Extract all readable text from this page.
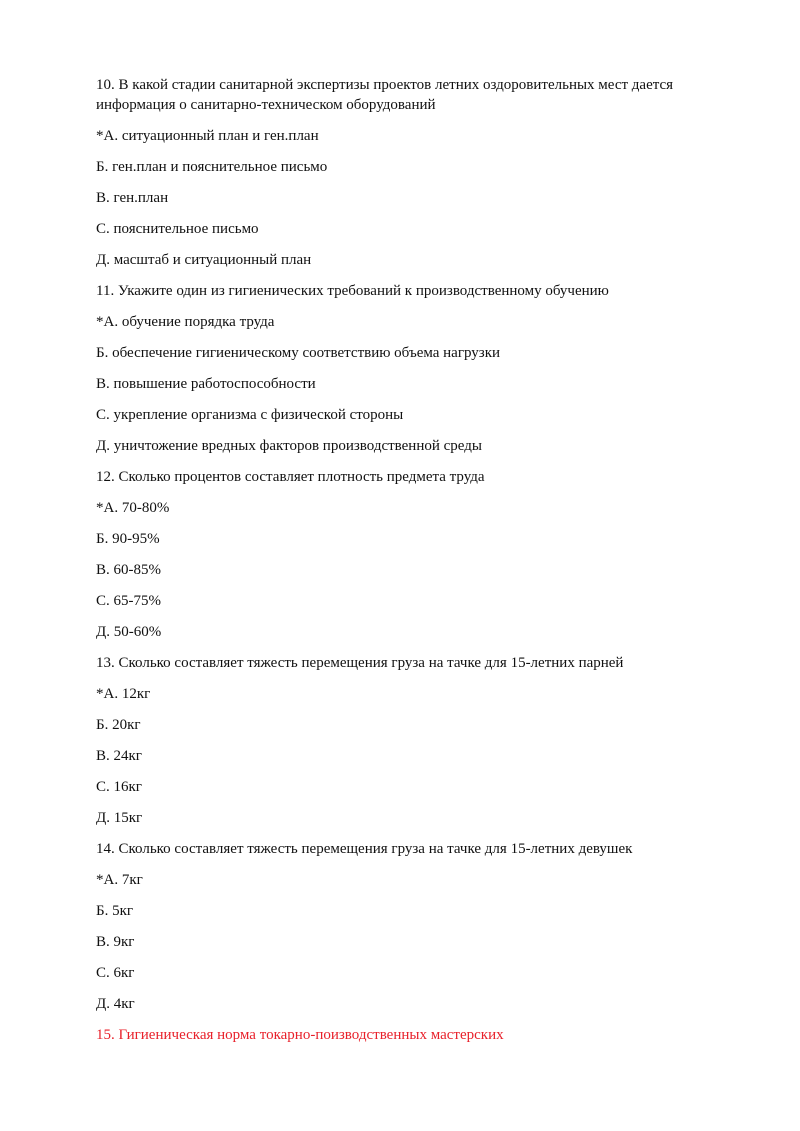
10. В какой стадии санитарной экспертизы проектов летних оздоровительных мест дается информация о санитарно-техническом оборудований

*А. ситуационный план и ген.план

Б. ген.план и пояснительное письмо

В. ген.план

С. пояснительное письмо

Д. масштаб и ситуационный план

11. Укажите один из гигиенических требований к производственному обучению

*А. обучение порядка труда

Б. обеспечение гигиеническому соответствию объема нагрузки

В. повышение работоспособности

С. укрепление организма с физической стороны

Д. уничтожение вредных факторов производственной среды

12. Сколько процентов составляет плотность предмета труда

*А. 70-80%

Б. 90-95%

В. 60-85%

С. 65-75%

Д. 50-60%

13. Сколько составляет тяжесть перемещения груза на тачке для 15-летних парней

*А. 12кг

Б. 20кг

В. 24кг

С. 16кг

Д. 15кг

14. Сколько составляет тяжесть перемещения груза на тачке для 15-летних девушек

*А. 7кг

Б. 5кг

В. 9кг

С. 6кг

Д. 4кг

15. Гигиеническая норма токарно-поизводственных мастерских
